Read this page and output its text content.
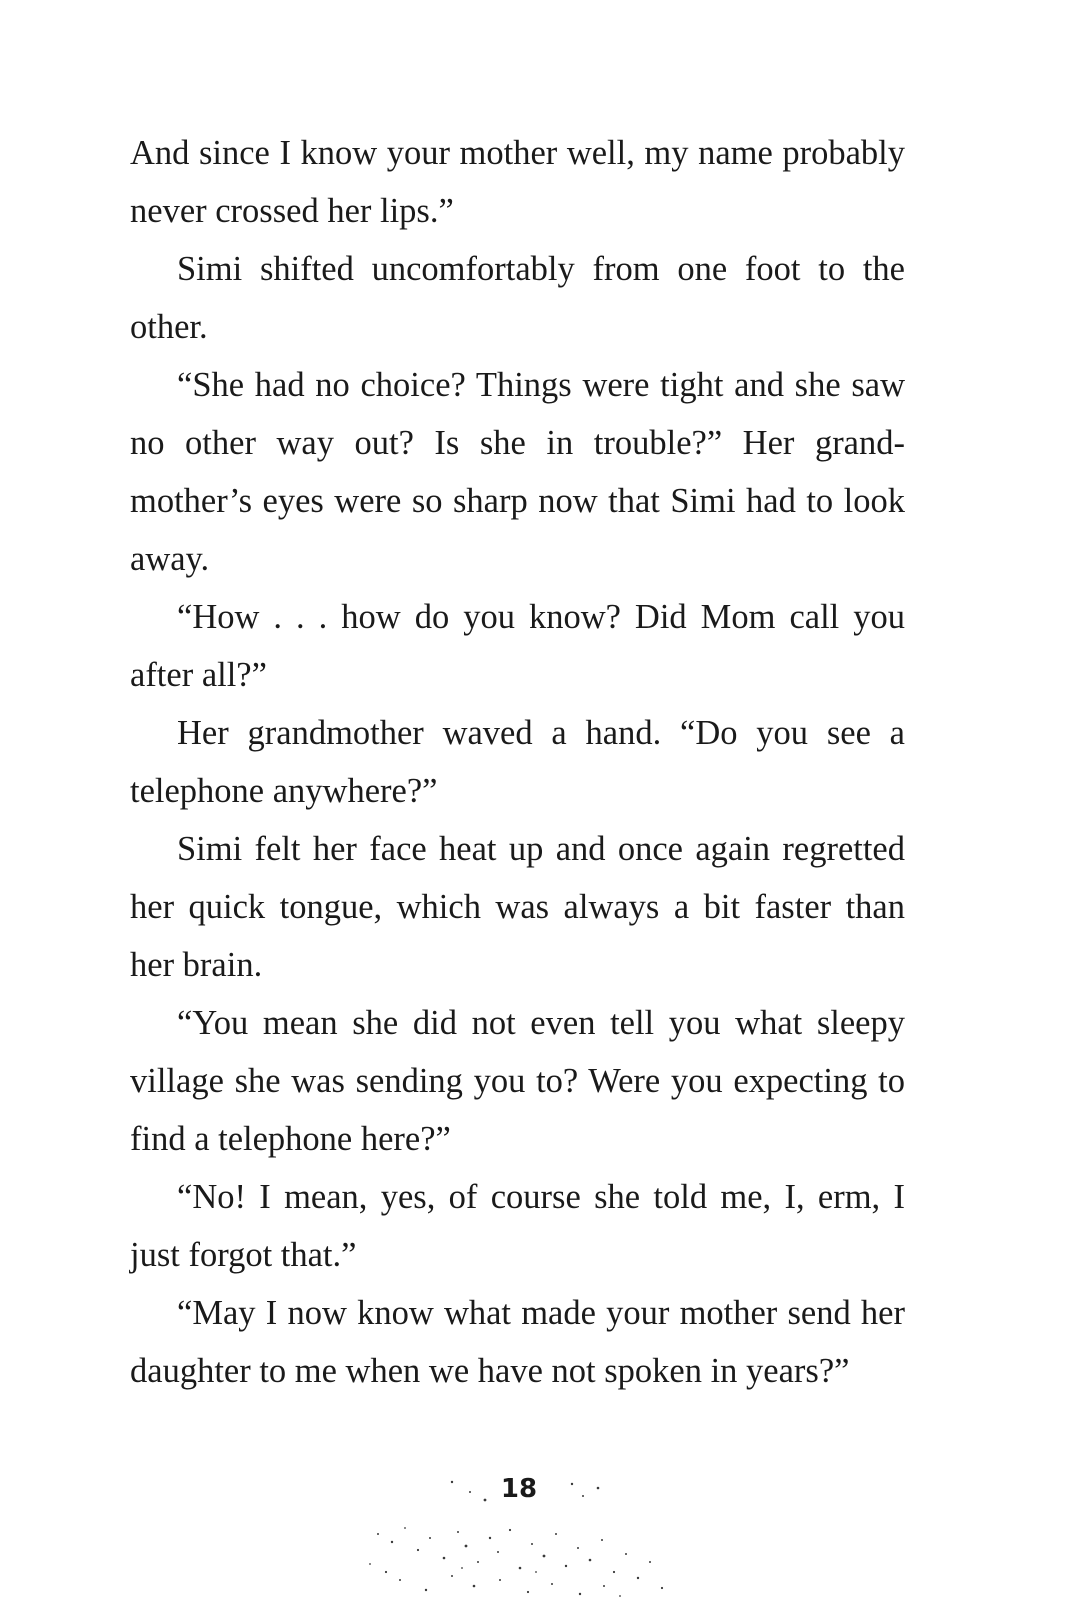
And since I know your mother well, my name probably never crossed her lips.”

Simi shifted uncomfortably from one foot to the other.

“She had no choice? Things were tight and she saw no other way out? Is she in trouble?” Her grandmother’s eyes were so sharp now that Simi had to look away.

“How . . . how do you know? Did Mom call you after all?”

Her grandmother waved a hand. “Do you see a telephone anywhere?”

Simi felt her face heat up and once again regretted her quick tongue, which was always a bit faster than her brain.

“You mean she did not even tell you what sleepy village she was sending you to? Were you expecting to find a telephone here?”

“No! I mean, yes, of course she told me, I, erm, I just forgot that.”

“May I now know what made your mother send her daughter to me when we have not spoken in years?”

18
